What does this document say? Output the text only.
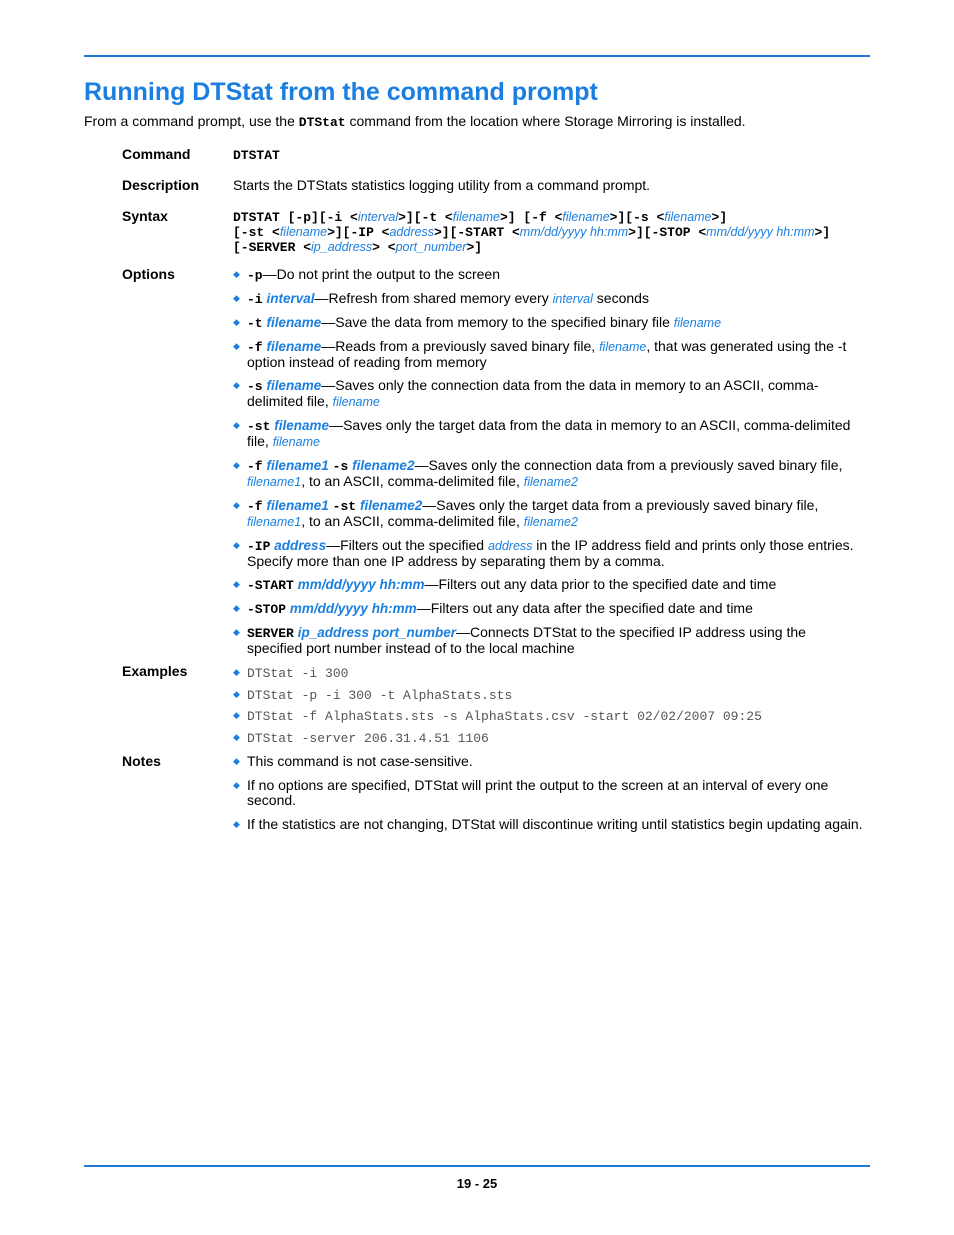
Running DTStat from the command prompt
From a command prompt, use the DTStat command from the location where Storage Mirroring is installed.
Command	DTSTAT
Description Starts the DTStats statistics logging utility from a command prompt.
Syntax	DTSTAT [-p][-i <interval>][-t <filename>] [-f <filename>][-s <filename>]
[-st <filename>][-IP <address>][-START <mm/dd/yyyy hh:mm>][-STOP <mm/dd/yyyy hh:mm>]
[-SERVER <ip_address> <port_number>]
Options	◆ -p—Do not print the output to the screen
◆ -i interval—Refresh from shared memory every interval seconds
◆ -t filename—Save the data from memory to the specified binary file filename
◆ -f filename—Reads from a previously saved binary file, filename, that was generated using the -t option instead of reading from memory
◆ -s filename—Saves only the connection data from the data in memory to an ASCII, comma-delimited file, filename
◆ -st filename—Saves only the target data from the data in memory to an ASCII, comma-delimited file, filename
◆ -f filename1 -s filename2—Saves only the connection data from a previously saved binary file, filename1, to an ASCII, comma-delimited file, filename2
◆ -f filename1 -st filename2—Saves only the target data from a previously saved binary file, filename1, to an ASCII, comma-delimited file, filename2
◆ -IP address—Filters out the specified address in the IP address field and prints only those entries. Specify more than one IP address by separating them by a comma.
◆ -START mm/dd/yyyy hh:mm—Filters out any data prior to the specified date and time
◆ -STOP mm/dd/yyyy hh:mm—Filters out any data after the specified date and time
◆ SERVER ip_address port_number—Connects DTStat to the specified IP address using the specified port number instead of to the local machine
Examples	◆ DTStat -i 300
◆ DTStat -p -i 300 -t AlphaStats.sts
◆ DTStat -f AlphaStats.sts -s AlphaStats.csv -start 02/02/2007 09:25
◆ DTStat -server 206.31.4.51 1106
Notes	◆ This command is not case-sensitive.
◆ If no options are specified, DTStat will print the output to the screen at an interval of every one second.
◆ If the statistics are not changing, DTStat will discontinue writing until statistics begin updating again.
19 - 25
